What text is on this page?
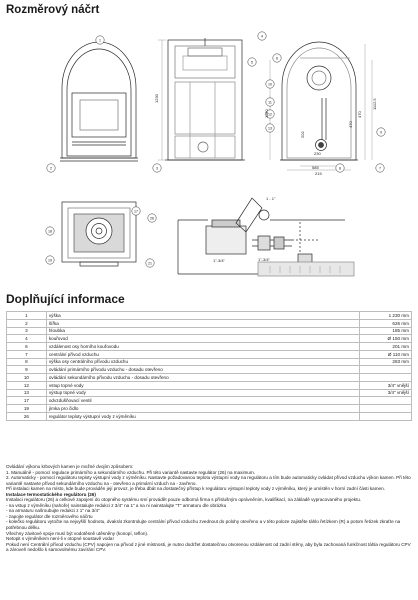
Rozměrový náčrt
1
2	3
4
5
6
7
8
9
10
11
12
13
17
18
19
21
26
1230
1180
1112.5
470
470
215
585
202
230
1 - 1"
1"-3/4"	1"-3/4"
Doplňující informace
1	výška	1 230 mm
2	šířka	626 mm
3	hloubka	185 mm
4	kouřovod	Ø 150 mm
6	vzdálenost osy horního kouřovodu	201 mm
7	centrální přívod vzduchu	Ø 110 mm
8	výška osy centrálního přívodu vzduchu	283 mm
9	ovládání primárního přívodu vzduchu - dosadu otevřeno	
10	ovládání sekundárního přívodu vzduchu - dosadu otevřeno	
12	vstup topné vody	3/4" vnější
13	výstup topné vody	3/4" vnější
17	odvzdušňovací ventil	
19	jímka pro čidlo	
26	regulátor teploty výstupní vody z výměníku	

Ovládání výkonu krbových kamen je možné dvojím způsobem:

1. Manuálně - pomocí regulace primárního a sekundárního vzduchu. Při této variantě nastavte regulátor (26) na maximum.

2. Automaticky - pomocí regulátoru teploty výstupní vody z výměníku. Nastavte požadovanou teplotu výstupní vody na regulátoru a tím bude automaticky ovládat přívod vzduchu výkon kamen. Při této variantě nastavte přívod sekundárního vzduchu na - otevřeno a primární vzduch na - zavřeno.

Při instalaci kamen na místo, kde bude prováděn její provoz, je třeba dbát na dostatečný přístup k regulátoru výstupní teploty vody z výměníku, který je umístěn v horní zadní části kamen.

Instalace termostatického regulátoru (26)

Instalaci regulátoru (26) a celkové zapojení do otopného systému smí provádět pouze odborná firma s příslušným oprávněním, kvalifikací, na základě vypracovaného projektu.

- na vstup z výměníku (nahoře) nainstalujte redukci z 3/4" na 1" a na ni nainstalujte "T" armaturu dle obrázku

- na armaturu našroubujte redukci z 1" na 3/4"

- zapojte regulátor dle rozměrového náčrtu

- kolečko regulátoru vytočte na nejvyšší hodnotu, dvakrát zkontrolujte centrální přívod vzduchu zvednout do polohy otevřeno a v této poloze zajistěte táhlo řetízkem (R) a potom řetízek zkraťte na potřebnou délku.

Všechny závitové spoje musí být vodotěsně utěsněny (konopí, teflon).

Netopit s výměníkem není-li v otopné soustavě voda!

Pokud není Centrální přívod vzduchu (CPV) napojen na přívod z jiné místnosti, je nutno dodržet dostatečnou otvorenou vzdálenost od zadní stěny, aby byla zachovaná funkčnost táhla regulátoru CPV a zároveň nedošlo k samovolnému zavírání CPV.
